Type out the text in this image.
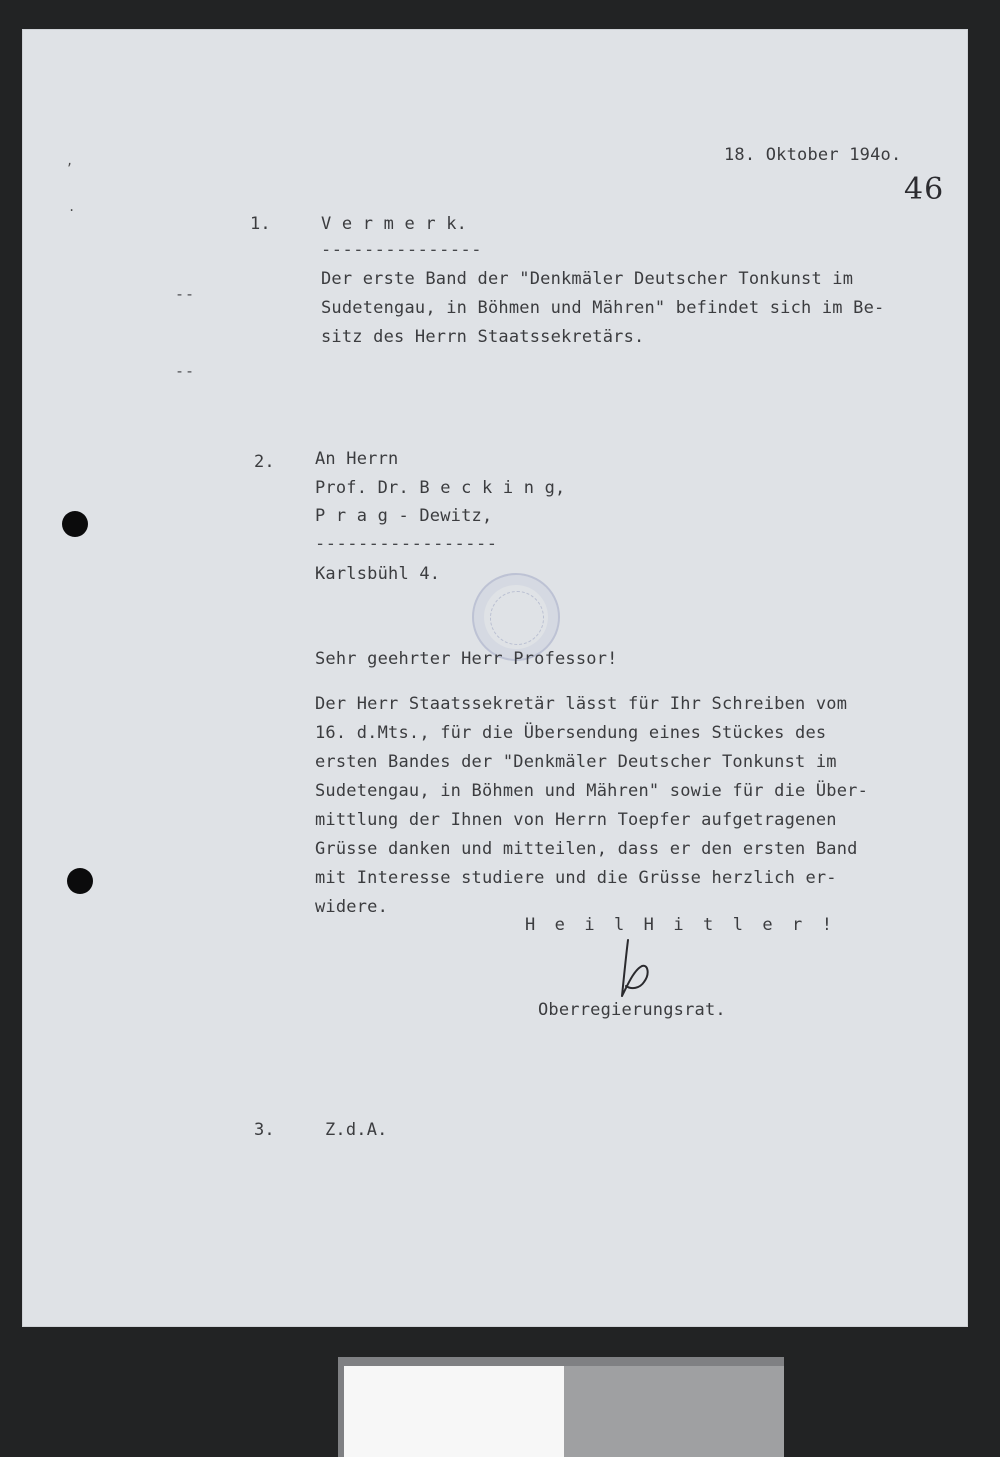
,
.
18. Oktober 194o.
46
1.	V e r m e r k.
---------------
Der erste Band der "Denkmäler Deutscher Tonkunst im
Sudetengau, in Böhmen und Mähren" befindet sich im Be-
sitz des Herrn Staatssekretärs.
--
--
2. An Herrn
Prof. Dr. B e c k i n g,
P r a g - Dewitz,
-----------------
Karlsbühl 4.
Sehr geehrter Herr Professor!
Der Herr Staatssekretär lässt für Ihr Schreiben vom
16. d.Mts., für die Übersendung eines Stückes des
ersten Bandes der "Denkmäler Deutscher Tonkunst im
Sudetengau, in Böhmen und Mähren" sowie für die Über-
mittlung der Ihnen von Herrn Toepfer aufgetragenen
Grüsse danken und mitteilen, dass er den ersten Band
mit Interesse studiere und die Grüsse herzlich er-
widere.
H e i l H i t l e r !
Oberregierungsrat.
3.	Z.d.A.
